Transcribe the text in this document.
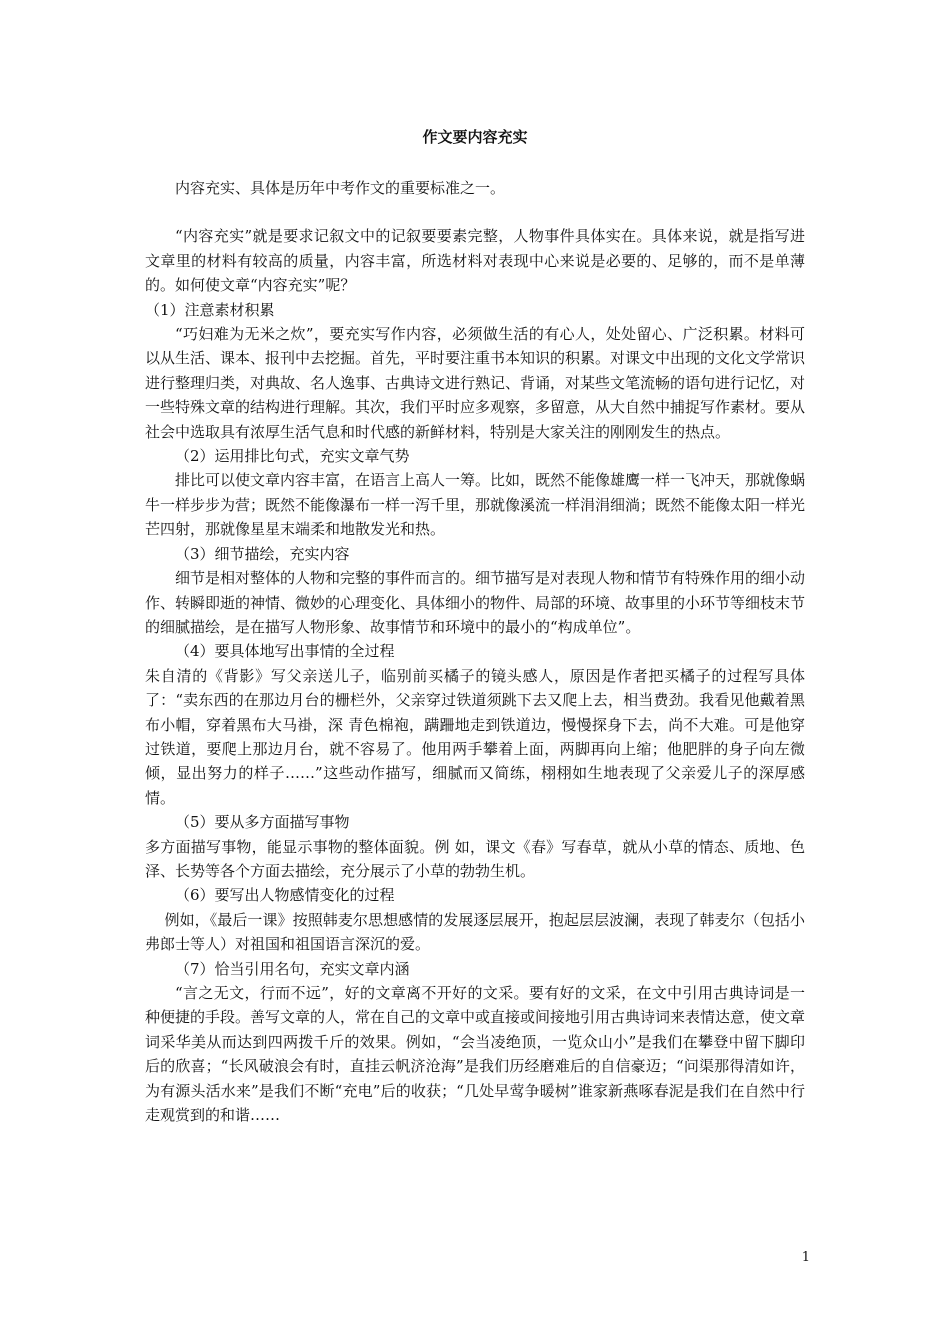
作文要内容充实

内容充实、具体是历年中考作文的重要标准之一。

“内容充实”就是要求记叙文中的记叙要要素完整，人物事件具体实在。具体来说，就是指写进文章里的材料有较高的质量，内容丰富，所选材料对表现中心来说是必要的、足够的，而不是单薄的。如何使文章“内容充实”呢？

（1）注意素材积累

“巧妇难为无米之炊”，要充实写作内容，必须做生活的有心人，处处留心、广泛积累。材料可以从生活、课本、报刊中去挖掘。首先，平时要注重书本知识的积累。对课文中出现的文化文学常识进行整理归类，对典故、名人逸事、古典诗文进行熟记、背诵，对某些文笔流畅的语句进行记忆，对一些特殊文章的结构进行理解。其次，我们平时应多观察，多留意，从大自然中捕捉写作素材。要从社会中选取具有浓厚生活气息和时代感的新鲜材料，特别是大家关注的刚刚发生的热点。

（2）运用排比句式，充实文章气势

排比可以使文章内容丰富，在语言上高人一筹。比如，既然不能像雄鹰一样一飞冲天，那就像蜗牛一样步步为营；既然不能像瀑布一样一泻千里，那就像溪流一样涓涓细淌；既然不能像太阳一样光芒四射，那就像星星末端柔和地散发光和热。

（3）细节描绘，充实内容

细节是相对整体的人物和完整的事件而言的。细节描写是对表现人物和情节有特殊作用的细小动作、转瞬即逝的神情、微妙的心理变化、具体细小的物件、局部的环境、故事里的小环节等细枝末节的细腻描绘，是在描写人物形象、故事情节和环境中的最小的“构成单位”。

（4）要具体地写出事情的全过程

朱自清的《背影》写父亲送儿子，临别前买橘子的镜头感人，原因是作者把买橘子的过程写具体了：“卖东西的在那边月台的栅栏外，父亲穿过铁道须跳下去又爬上去，相当费劲。我看见他戴着黑布小帽，穿着黑布大马褂，深 青色棉袍，蹒跚地走到铁道边，慢慢探身下去，尚不大难。可是他穿过铁道，要爬上那边月台，就不容易了。他用两手攀着上面，两脚再向上缩；他肥胖的身子向左微倾，显出努力的样子……”这些动作描写，细腻而又简练，栩栩如生地表现了父亲爱儿子的深厚感情。

（5）要从多方面描写事物

多方面描写事物，能显示事物的整体面貌。例 如，课文《春》写春草，就从小草的情态、质地、色泽、长势等各个方面去描绘，充分展示了小草的勃勃生机。

（6）要写出人物感情变化的过程

例如，《最后一课》按照韩麦尔思想感情的发展逐层展开，抱起层层波澜，表现了韩麦尔（包括小弗郎士等人）对祖国和祖国语言深沉的爱。

（7）恰当引用名句，充实文章内涵

“言之无文，行而不远”，好的文章离不开好的文采。要有好的文采，在文中引用古典诗词是一种便捷的手段。善写文章的人，常在自己的文章中或直接或间接地引用古典诗词来表情达意，使文章词采华美从而达到四两拨千斤的效果。例如，“会当凌绝顶，一览众山小”是我们在攀登中留下脚印后的欣喜；“长风破浪会有时，直挂云帆济沧海”是我们历经磨难后的自信豪迈；“问渠那得清如许，为有源头活水来”是我们不断“充电”后的收获；“几处早莺争暖树”谁家新燕啄春泥是我们在自然中行走观赏到的和谐……

1
